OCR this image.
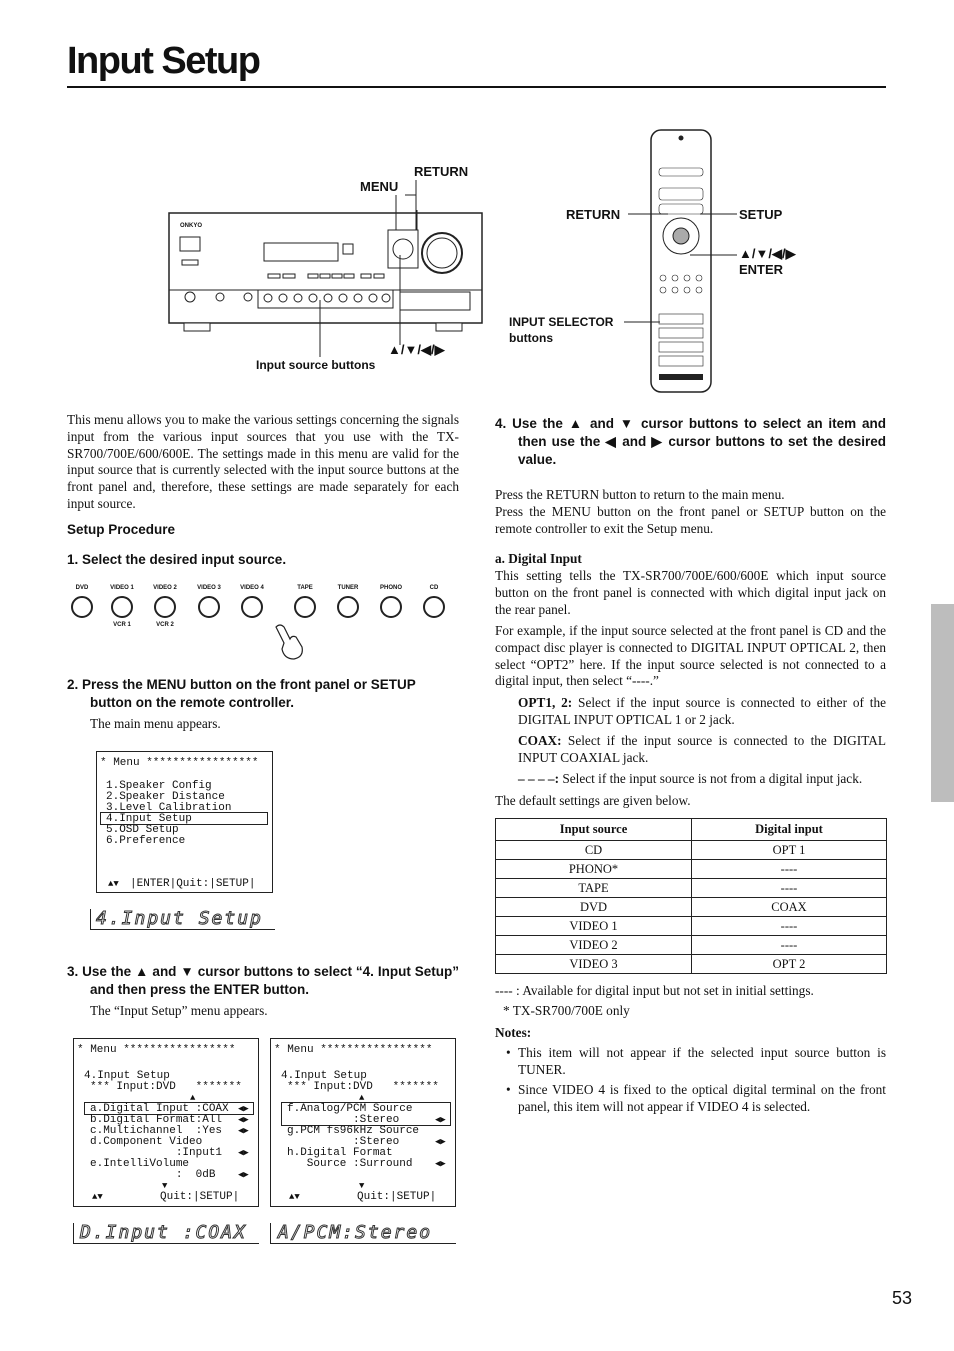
Input Setup
ONKYO
MENU
RETURN
▲/▼/◀/▶
Input source buttons
RETURN	SETUP
▲/▼/◀/▶
ENTER
INPUT SELECTOR
buttons
This menu allows you to make the various settings concerning the signals input from the various input sources that you use with the TX-SR700/700E/600/600E. The settings made in this menu are valid for the input source that is currently selected with the input source buttons at the front panel and, therefore, these settings are made separately for each input source.
Setup Procedure
1. Select the desired input source.
DVD	VIDEO 1
VCR 1
VIDEO 2
VCR 2
VIDEO 3	VIDEO 4	TAPE	TUNER	PHONO	CD
2. Press the MENU button on the front panel or SETUP button on the remote controller.
The main menu appears.
* Menu *****************
1.Speaker Config
2.Speaker Distance
3.Level Calibration
4.Input Setup
5.OSD Setup
6.Preference
▲▼ |ENTER|Quit:|SETUP|
4.Input Setup
3. Use the ▲ and ▼ cursor buttons to select “4. Input Setup” and then press the ENTER button.
The “Input Setup” menu appears.
* Menu *****************
4.Input Setup
*** Input:DVD   *******
▲
a.Digital Input :COAX
b.Digital Format:All
c.Multichannel  :Yes
d.Component Video
:Input1
e.IntelliVolume
:  0dB
◀▶
◀▶
◀▶
◀▶
◀▶
▼
▲▼	Quit:|SETUP|
* Menu *****************
4.Input Setup
*** Input:DVD   *******
▲
f.Analog/PCM Source
:Stereo
g.PCM fs96kHz Source
:Stereo
h.Digital Format
Source :Surround
◀▶
◀▶
◀▶
▼
▲▼	Quit:|SETUP|
D.Input :COAX A/PCM:Stereo
4. Use the ▲ and ▼ cursor buttons to select an item and then use the ◀ and ▶ cursor buttons to set the desired value.
Press the RETURN button to return to the main menu.
Press the MENU button on the front panel or SETUP button on the remote controller to exit the Setup menu.
a. Digital Input
This setting tells the TX-SR700/700E/600/600E which input source button on the front panel is connected with which digital input jack on the rear panel.
For example, if the input source selected at the front panel is CD and the compact disc player is connected to DIGITAL INPUT OPTICAL 2, then select “OPT2” here. If the input source selected is not connected to a digital input, then select “----.”
OPT1, 2: Select if the input source is connected to either of the DIGITAL INPUT OPTICAL 1 or 2 jack.
COAX: Select if the input source is connected to the DIGITAL INPUT COAXIAL jack.
– – – –: Select if the input source is not from a digital input jack.
The default settings are given below.
Input source	Digital input
CD	OPT 1
PHONO*	----
TAPE	----
DVD	COAX
VIDEO 1	----
VIDEO 2	----
VIDEO 3	OPT 2
---- : Available for digital input but not set in initial settings.
* TX-SR700/700E only
Notes:
• This item will not appear if the selected input source button is TUNER.
• Since VIDEO 4 is fixed to the optical digital terminal on the front panel, this item will not appear if VIDEO 4 is selected.
53
